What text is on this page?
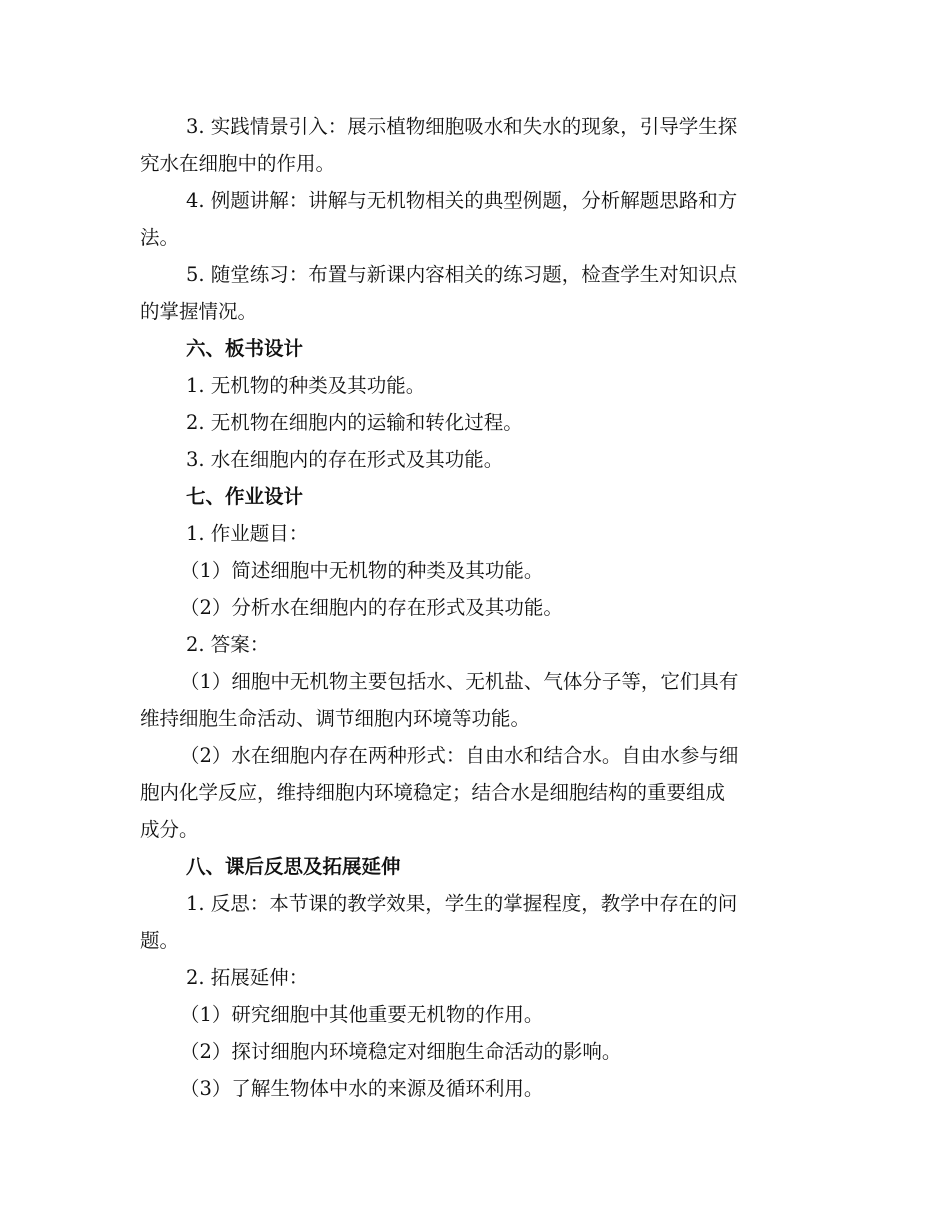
3. 实践情景引入：展示植物细胞吸水和失水的现象，引导学生探
究水在细胞中的作用。
4. 例题讲解：讲解与无机物相关的典型例题，分析解题思路和方
法。
5. 随堂练习：布置与新课内容相关的练习题，检查学生对知识点
的掌握情况。
六、板书设计
1. 无机物的种类及其功能。
2. 无机物在细胞内的运输和转化过程。
3. 水在细胞内的存在形式及其功能。
七、作业设计
1. 作业题目：
（1）简述细胞中无机物的种类及其功能。
（2）分析水在细胞内的存在形式及其功能。
2. 答案：
（1）细胞中无机物主要包括水、无机盐、气体分子等，它们具有
维持细胞生命活动、调节细胞内环境等功能。
（2）水在细胞内存在两种形式：自由水和结合水。自由水参与细
胞内化学反应，维持细胞内环境稳定；结合水是细胞结构的重要组成
成分。
八、课后反思及拓展延伸
1. 反思：本节课的教学效果，学生的掌握程度，教学中存在的问
题。
2. 拓展延伸：
（1）研究细胞中其他重要无机物的作用。
（2）探讨细胞内环境稳定对细胞生命活动的影响。
（3）了解生物体中水的来源及循环利用。
